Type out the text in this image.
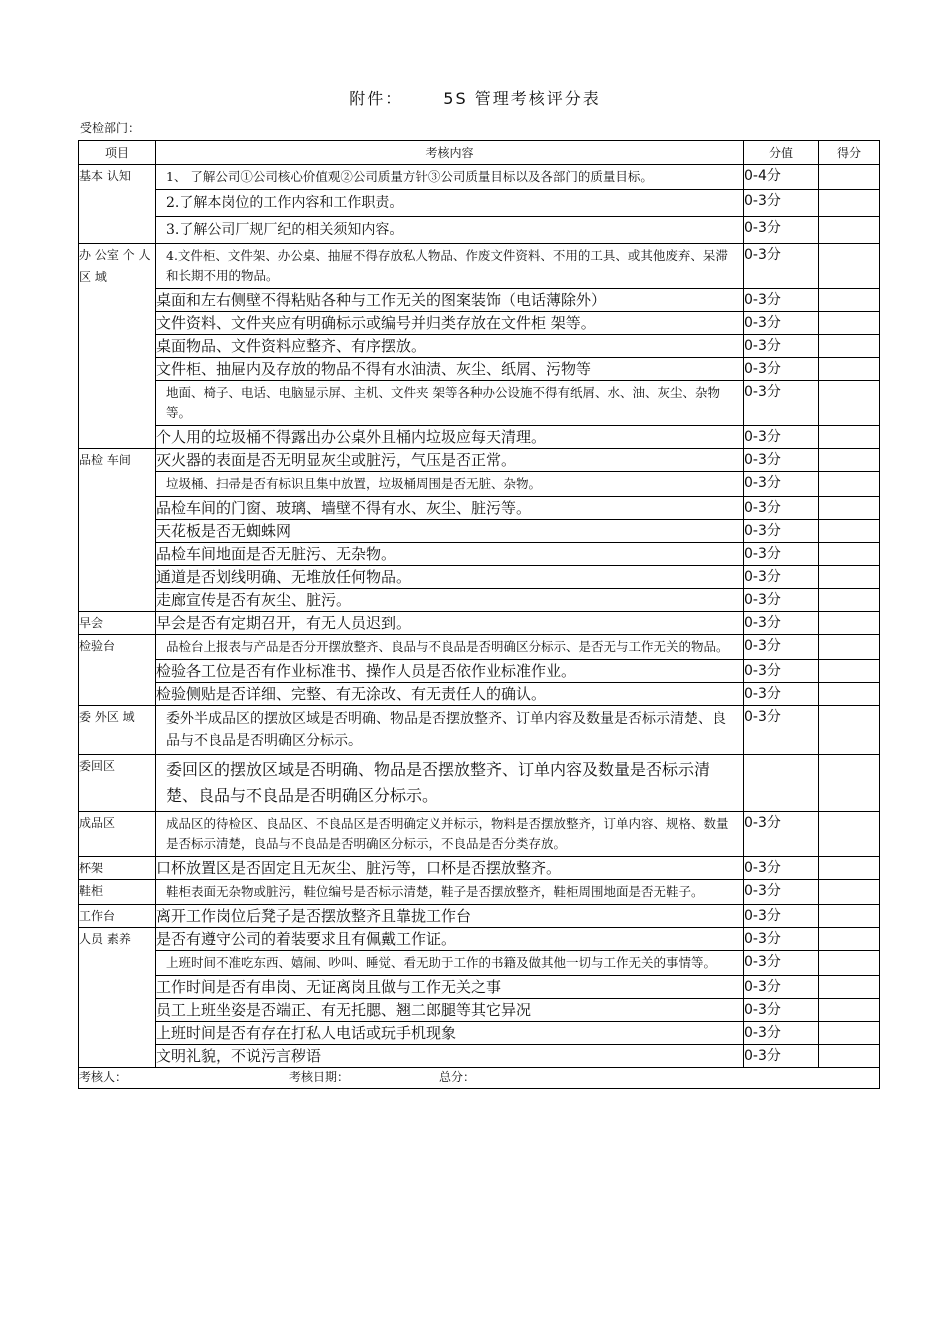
附件：	5S 管理考核评分表
受检部门：
项目	考核内容	分值	得分
基本 认知	1、 了解公司①公司核心价值观②公司质量方针③公司质量目标以及各部门的质量目标。	0-4分	
	2.了解本岗位的工作内容和工作职责。	0-3分	
	3.了解公司厂规厂纪的相关须知内容。	0-3分	
办 公室 个 人区 域	4.文件柜、文件架、办公桌、抽屉不得存放私人物品、作废文件资料、不用的工具、或其他废弃、呆滞和长期不用的物品。	0-3分	
	桌面和左右侧壁不得粘贴各种与工作无关的图案装饰（电话薄除外）	0-3分	
	文件资料、文件夹应有明确标示或编号并归类存放在文件柜 架等。	0-3分	
	桌面物品、文件资料应整齐、有序摆放。	0-3分	
	文件柜、抽屉内及存放的物品不得有水油渍、灰尘、纸屑、污物等	0-3分	
	地面、椅子、电话、电脑显示屏、主机、文件夹 架等各种办公设施不得有纸屑、水、油、灰尘、杂物等。	0-3分	
	个人用的垃圾桶不得露出办公桌外且桶内垃圾应每天清理。	0-3分	
品检 车间	灭火器的表面是否无明显灰尘或脏污，气压是否正常。	0-3分	
	垃圾桶、扫帚是否有标识且集中放置，垃圾桶周围是否无脏、杂物。	0-3分	
	品检车间的门窗、玻璃、墙壁不得有水、灰尘、脏污等。	0-3分	
	天花板是否无蜘蛛网	0-3分	
	品检车间地面是否无脏污、无杂物。	0-3分	
	通道是否划线明确、无堆放任何物品。	0-3分	
	走廊宣传是否有灰尘、脏污。	0-3分	
早会	早会是否有定期召开，有无人员迟到。	0-3分	
检验台	品检台上报表与产品是否分开摆放整齐、良品与不良品是否明确区分标示、是否无与工作无关的物品。	0-3分	
	检验各工位是否有作业标准书、操作人员是否依作业标准作业。	0-3分	
	检验侧贴是否详细、完整、有无涂改、有无责任人的确认。	0-3分	
委 外区 域	委外半成品区的摆放区域是否明确、物品是否摆放整齐、订单内容及数量是否标示清楚、良品与不良品是否明确区分标示。	0-3分	
委回区	委回区的摆放区域是否明确、物品是否摆放整齐、订单内容及数量是否标示清楚、良品与不良品是否明确区分标示。		
成品区	成品区的待检区、良品区、不良品区是否明确定义并标示，物料是否摆放整齐，订单内容、规格、数量是否标示清楚，良品与不良品是否明确区分标示，不良品是否分类存放。	0-3分	
杯架	口杯放置区是否固定且无灰尘、脏污等，口杯是否摆放整齐。	0-3分	
鞋柜	鞋柜表面无杂物或脏污，鞋位编号是否标示清楚，鞋子是否摆放整齐，鞋柜周围地面是否无鞋子。	0-3分	
工作台	离开工作岗位后凳子是否摆放整齐且靠拢工作台	0-3分	
人员 素养	是否有遵守公司的着装要求且有佩戴工作证。	0-3分	
	上班时间不准吃东西、嬉闹、吵叫、睡觉、看无助于工作的书籍及做其他一切与工作无关的事情等。	0-3分	
	工作时间是否有串岗、无证离岗且做与工作无关之事	0-3分	
	员工上班坐姿是否端正、有无托腮、翘二郎腿等其它异况	0-3分	
	上班时间是否有存在打私人电话或玩手机现象	0-3分	
	文明礼貌，不说污言秽语	0-3分	
考核人：　　　　　　　　　　　　　　考核日期：　　　　　　　　总分：			
